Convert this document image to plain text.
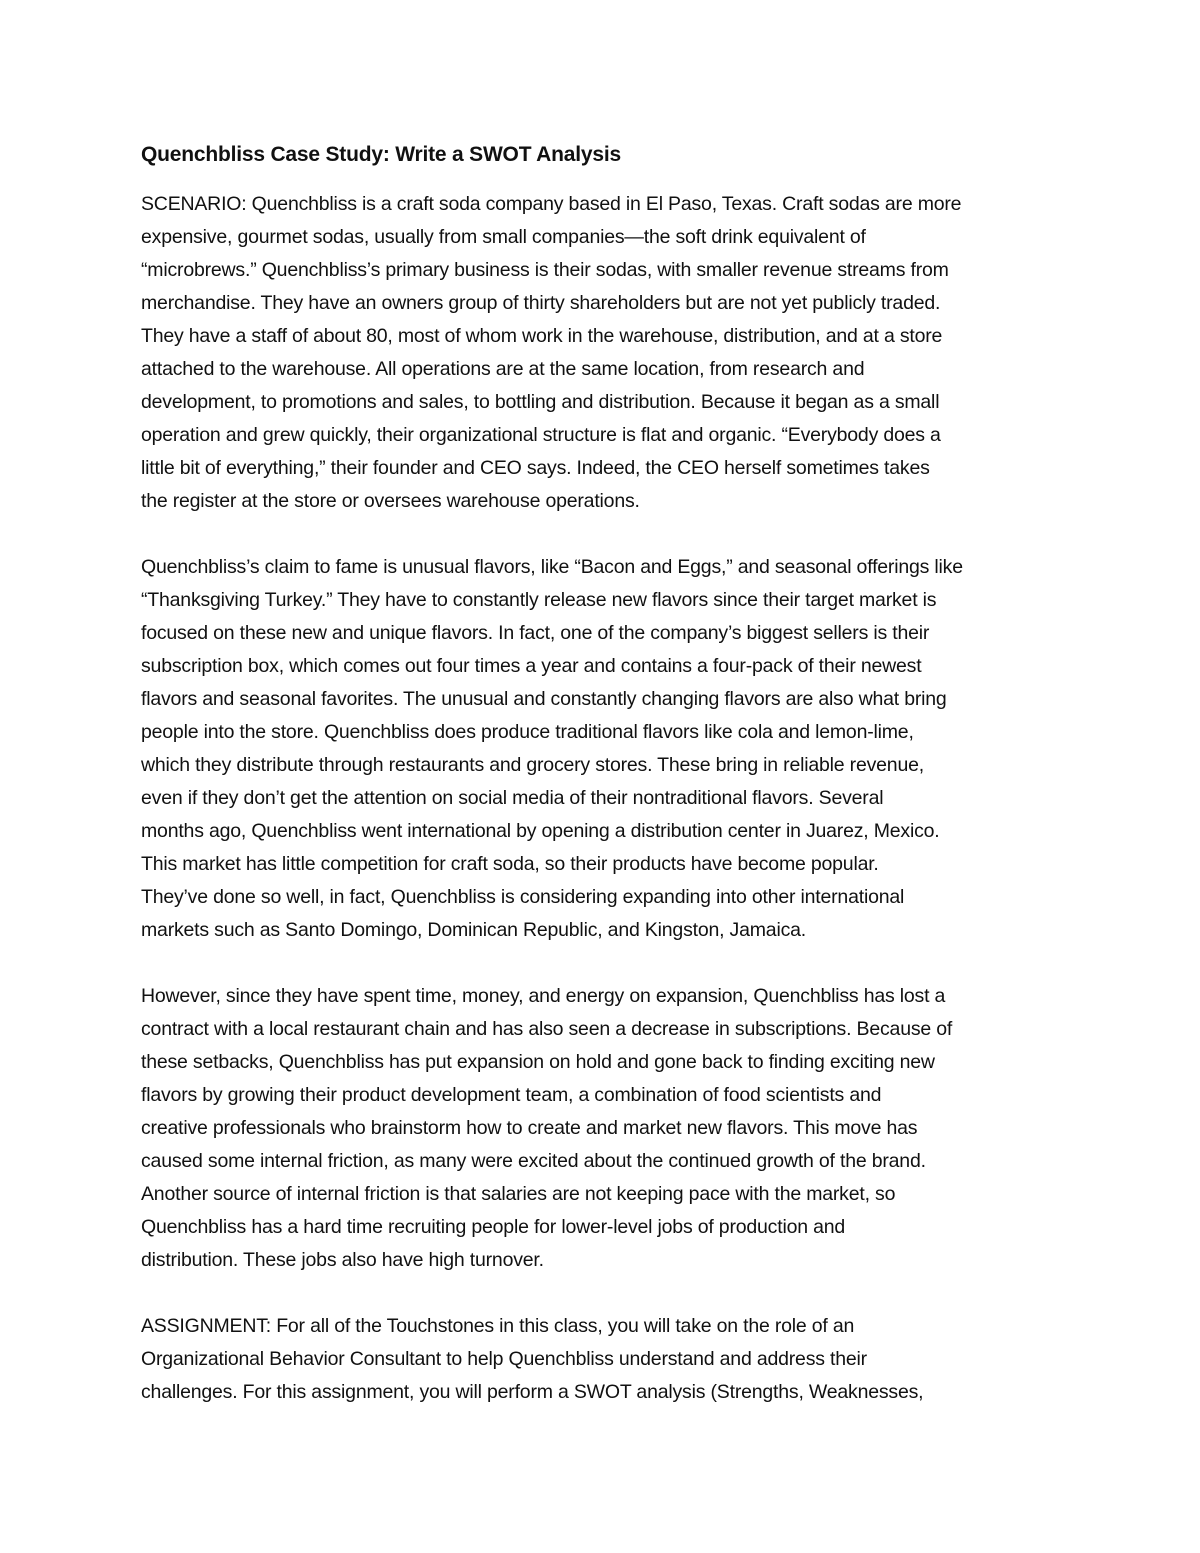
Quenchbliss Case Study: Write a SWOT Analysis
SCENARIO: Quenchbliss is a craft soda company based in El Paso, Texas. Craft sodas are more
expensive, gourmet sodas, usually from small companies—the soft drink equivalent of
“microbrews.” Quenchbliss’s primary business is their sodas, with smaller revenue streams from
merchandise. They have an owners group of thirty shareholders but are not yet publicly traded.
They have a staff of about 80, most of whom work in the warehouse, distribution, and at a store
attached to the warehouse. All operations are at the same location, from research and
development, to promotions and sales, to bottling and distribution. Because it began as a small
operation and grew quickly, their organizational structure is flat and organic. “Everybody does a
little bit of everything,” their founder and CEO says. Indeed, the CEO herself sometimes takes
the register at the store or oversees warehouse operations.
Quenchbliss’s claim to fame is unusual flavors, like “Bacon and Eggs,” and seasonal offerings like
“Thanksgiving Turkey.” They have to constantly release new flavors since their target market is
focused on these new and unique flavors. In fact, one of the company’s biggest sellers is their
subscription box, which comes out four times a year and contains a four-pack of their newest
flavors and seasonal favorites. The unusual and constantly changing flavors are also what bring
people into the store. Quenchbliss does produce traditional flavors like cola and lemon-lime,
which they distribute through restaurants and grocery stores. These bring in reliable revenue,
even if they don’t get the attention on social media of their nontraditional flavors. Several
months ago, Quenchbliss went international by opening a distribution center in Juarez, Mexico.
This market has little competition for craft soda, so their products have become popular.
They’ve done so well, in fact, Quenchbliss is considering expanding into other international
markets such as Santo Domingo, Dominican Republic, and Kingston, Jamaica.
However, since they have spent time, money, and energy on expansion, Quenchbliss has lost a
contract with a local restaurant chain and has also seen a decrease in subscriptions. Because of
these setbacks, Quenchbliss has put expansion on hold and gone back to finding exciting new
flavors by growing their product development team, a combination of food scientists and
creative professionals who brainstorm how to create and market new flavors. This move has
caused some internal friction, as many were excited about the continued growth of the brand.
Another source of internal friction is that salaries are not keeping pace with the market, so
Quenchbliss has a hard time recruiting people for lower-level jobs of production and
distribution. These jobs also have high turnover.
ASSIGNMENT: For all of the Touchstones in this class, you will take on the role of an
Organizational Behavior Consultant to help Quenchbliss understand and address their
challenges. For this assignment, you will perform a SWOT analysis (Strengths, Weaknesses,
